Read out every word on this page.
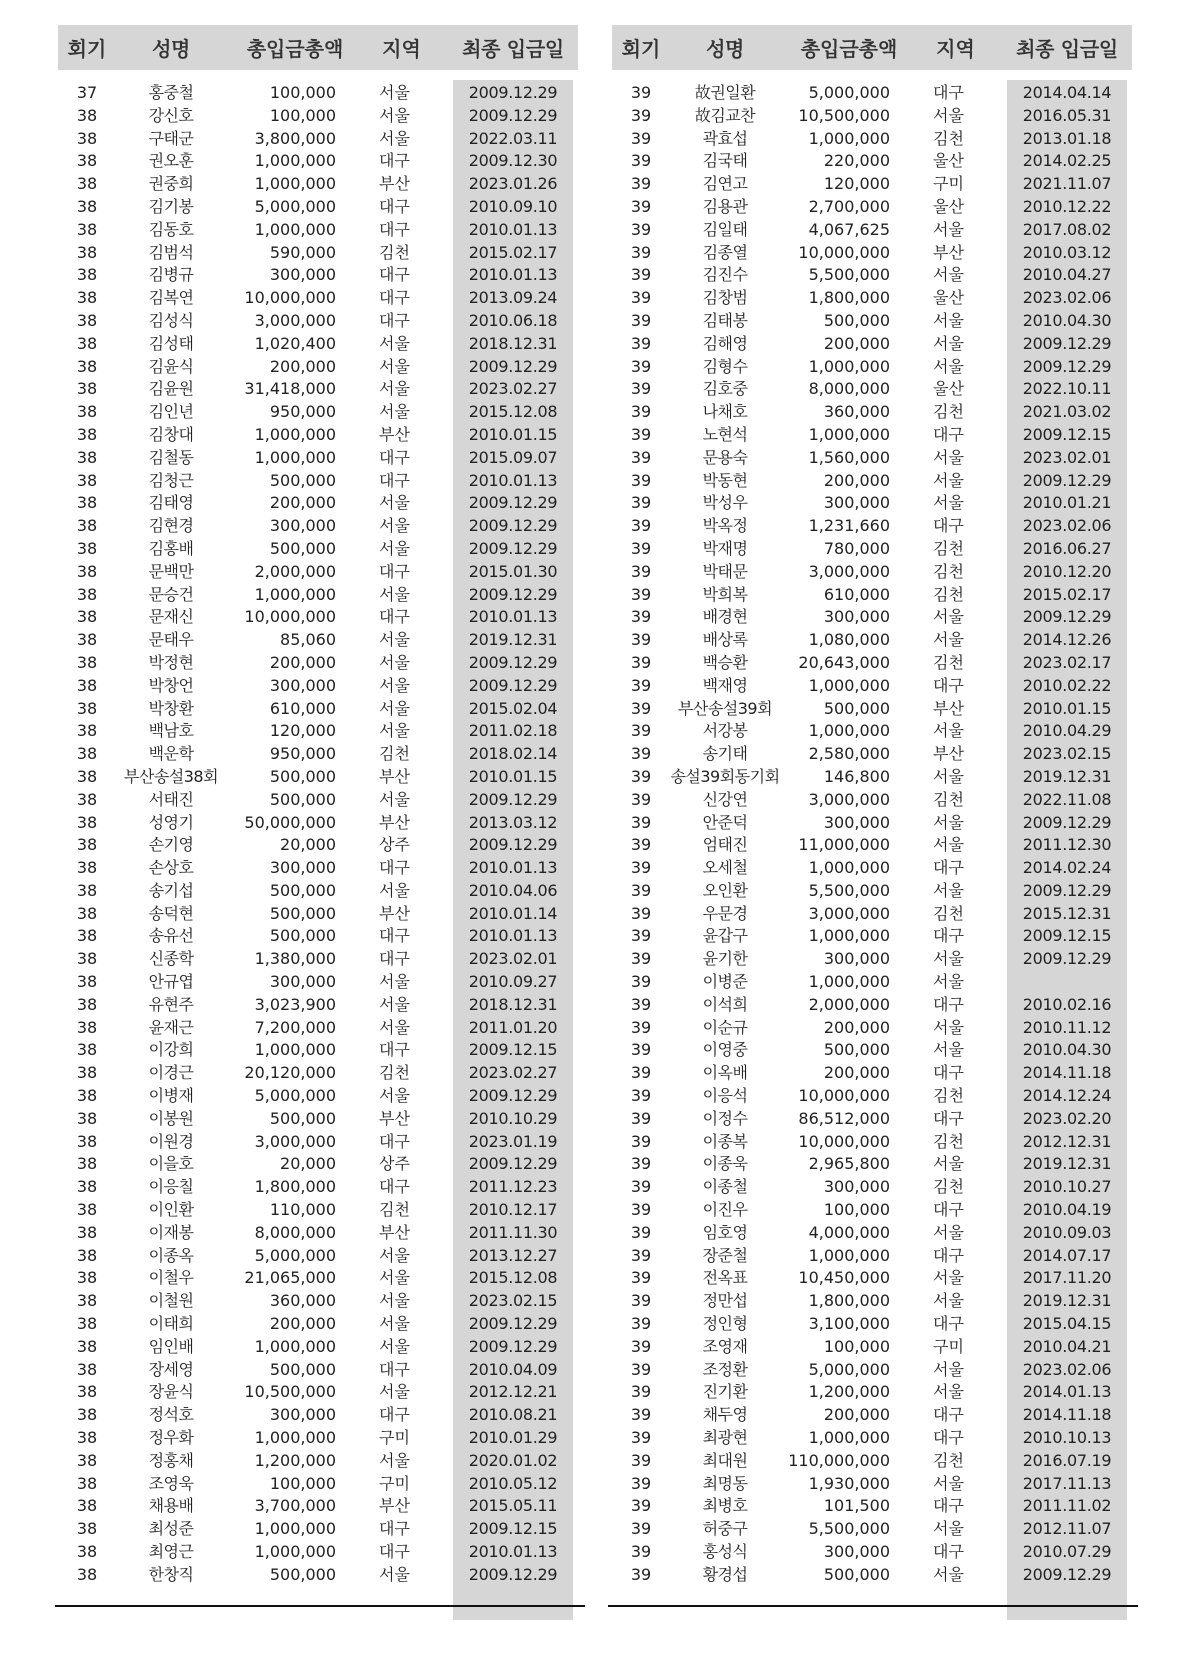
회기	성명	총입금총액	지역	최종 입금일
37	홍중철	100,000	서울	2009.12.29
38	강신호	100,000	서울	2009.12.29
38	구태군	3,800,000	서울	2022.03.11
38	권오훈	1,000,000	대구	2009.12.30
38	권중희	1,000,000	부산	2023.01.26
38	김기봉	5,000,000	대구	2010.09.10
38	김동호	1,000,000	대구	2010.01.13
38	김범석	590,000	김천	2015.02.17
38	김병규	300,000	대구	2010.01.13
38	김복연	10,000,000	대구	2013.09.24
38	김성식	3,000,000	대구	2010.06.18
38	김성태	1,020,400	서울	2018.12.31
38	김윤식	200,000	서울	2009.12.29
38	김윤원	31,418,000	서울	2023.02.27
38	김인년	950,000	서울	2015.12.08
38	김창대	1,000,000	부산	2010.01.15
38	김철동	1,000,000	대구	2015.09.07
38	김청근	500,000	대구	2010.01.13
38	김태영	200,000	서울	2009.12.29
38	김현경	300,000	서울	2009.12.29
38	김홍배	500,000	서울	2009.12.29
38	문백만	2,000,000	대구	2015.01.30
38	문승건	1,000,000	서울	2009.12.29
38	문재신	10,000,000	대구	2010.01.13
38	문태우	85,060	서울	2019.12.31
38	박정현	200,000	서울	2009.12.29
38	박창언	300,000	서울	2009.12.29
38	박창환	610,000	서울	2015.02.04
38	백남호	120,000	서울	2011.02.18
38	백운학	950,000	김천	2018.02.14
38	부산송설38회	500,000	부산	2010.01.15
38	서태진	500,000	서울	2009.12.29
38	성영기	50,000,000	부산	2013.03.12
38	손기영	20,000	상주	2009.12.29
38	손상호	300,000	대구	2010.01.13
38	송기섭	500,000	서울	2010.04.06
38	송덕현	500,000	부산	2010.01.14
38	송유선	500,000	대구	2010.01.13
38	신종학	1,380,000	대구	2023.02.01
38	안규엽	300,000	서울	2010.09.27
38	유현주	3,023,900	서울	2018.12.31
38	윤재근	7,200,000	서울	2011.01.20
38	이강희	1,000,000	대구	2009.12.15
38	이경근	20,120,000	김천	2023.02.27
38	이병재	5,000,000	서울	2009.12.29
38	이봉원	500,000	부산	2010.10.29
38	이원경	3,000,000	대구	2023.01.19
38	이을호	20,000	상주	2009.12.29
38	이응칠	1,800,000	대구	2011.12.23
38	이인환	110,000	김천	2010.12.17
38	이재봉	8,000,000	부산	2011.11.30
38	이종옥	5,000,000	서울	2013.12.27
38	이철우	21,065,000	서울	2015.12.08
38	이철원	360,000	서울	2023.02.15
38	이태희	200,000	서울	2009.12.29
38	임인배	1,000,000	서울	2009.12.29
38	장세영	500,000	대구	2010.04.09
38	장윤식	10,500,000	서울	2012.12.21
38	정석호	300,000	대구	2010.08.21
38	정우화	1,000,000	구미	2010.01.29
38	정홍채	1,200,000	서울	2020.01.02
38	조영욱	100,000	구미	2010.05.12
38	채용배	3,700,000	부산	2015.05.11
38	최성준	1,000,000	대구	2009.12.15
38	최영근	1,000,000	대구	2010.01.13
38	한창직	500,000	서울	2009.12.29
회기	성명	총입금총액	지역	최종 입금일
39	故권일환	5,000,000	대구	2014.04.14
39	故김교찬	10,500,000	서울	2016.05.31
39	곽효섭	1,000,000	김천	2013.01.18
39	김국태	220,000	울산	2014.02.25
39	김연고	120,000	구미	2021.11.07
39	김용관	2,700,000	울산	2010.12.22
39	김일태	4,067,625	서울	2017.08.02
39	김종열	10,000,000	부산	2010.03.12
39	김진수	5,500,000	서울	2010.04.27
39	김창범	1,800,000	울산	2023.02.06
39	김태봉	500,000	서울	2010.04.30
39	김해영	200,000	서울	2009.12.29
39	김형수	1,000,000	서울	2009.12.29
39	김호중	8,000,000	울산	2022.10.11
39	나채호	360,000	김천	2021.03.02
39	노현석	1,000,000	대구	2009.12.15
39	문용숙	1,560,000	서울	2023.02.01
39	박동현	200,000	서울	2009.12.29
39	박성우	300,000	서울	2010.01.21
39	박옥정	1,231,660	대구	2023.02.06
39	박재명	780,000	김천	2016.06.27
39	박태문	3,000,000	김천	2010.12.20
39	박희복	610,000	김천	2015.02.17
39	배경현	300,000	서울	2009.12.29
39	배상록	1,080,000	서울	2014.12.26
39	백승환	20,643,000	김천	2023.02.17
39	백재영	1,000,000	대구	2010.02.22
39	부산송설39회	500,000	부산	2010.01.15
39	서강봉	1,000,000	서울	2010.04.29
39	송기태	2,580,000	부산	2023.02.15
39	송설39회동기회	146,800	서울	2019.12.31
39	신강연	3,000,000	김천	2022.11.08
39	안준덕	300,000	서울	2009.12.29
39	엄태진	11,000,000	서울	2011.12.30
39	오세철	1,000,000	대구	2014.02.24
39	오인환	5,500,000	서울	2009.12.29
39	우문경	3,000,000	김천	2015.12.31
39	윤갑구	1,000,000	대구	2009.12.15
39	윤기한	300,000	서울	2009.12.29
39	이병준	1,000,000	서울
39	이석희	2,000,000	대구	2010.02.16
39	이순규	200,000	서울	2010.11.12
39	이영중	500,000	서울	2010.04.30
39	이옥배	200,000	대구	2014.11.18
39	이응석	10,000,000	김천	2014.12.24
39	이정수	86,512,000	대구	2023.02.20
39	이종복	10,000,000	김천	2012.12.31
39	이종욱	2,965,800	서울	2019.12.31
39	이종철	300,000	김천	2010.10.27
39	이진우	100,000	대구	2010.04.19
39	임호영	4,000,000	서울	2010.09.03
39	장준철	1,000,000	대구	2014.07.17
39	전옥표	10,450,000	서울	2017.11.20
39	정만섭	1,800,000	서울	2019.12.31
39	정인형	3,100,000	대구	2015.04.15
39	조영재	100,000	구미	2010.04.21
39	조정환	5,000,000	서울	2023.02.06
39	진기환	1,200,000	서울	2014.01.13
39	채두영	200,000	대구	2014.11.18
39	최광현	1,000,000	대구	2010.10.13
39	최대원	110,000,000	김천	2016.07.19
39	최명동	1,930,000	서울	2017.11.13
39	최병호	101,500	대구	2011.11.02
39	허중구	5,500,000	서울	2012.11.07
39	홍성식	300,000	대구	2010.07.29
39	황경섭	500,000	서울	2009.12.29
